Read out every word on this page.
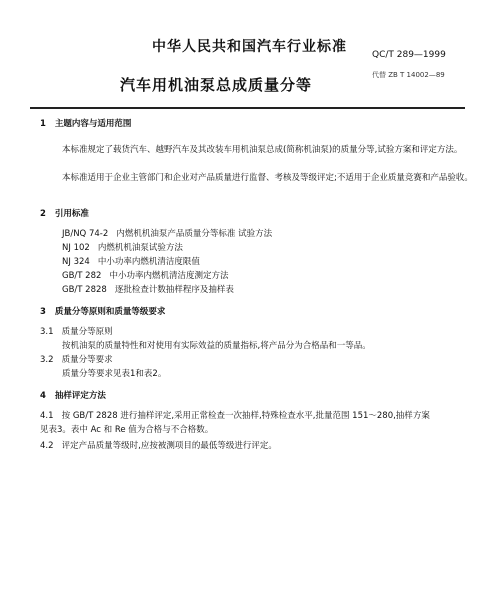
中华人民共和国汽车行业标准	QC/T 289—1999
汽车用机油泵总成质量分等
代替 ZB T 14002—89
1 主题内容与适用范围
本标准规定了载货汽车、越野汽车及其改装车用机油泵总成(简称机油泵)的质量分等,试验方案和评定方法。
本标准适用于企业主管部门和企业对产品质量进行监督、考核及等级评定;不适用于企业质量竞赛和产品验收。
2 引用标准
JB/NQ 74-2 内燃机机油泵产品质量分等标准 试验方法
NJ 102 内燃机机油泵试验方法
NJ 324 中小功率内燃机清洁度限值
GB/T 282 中小功率内燃机清洁度测定方法
GB/T 2828 逐批检查计数抽样程序及抽样表
3 质量分等原则和质量等级要求
3.1 质量分等原则
按机油泵的质量特性和对使用有实际效益的质量指标,将产品分为合格品和一等品。
3.2 质量分等要求
质量分等要求见表1和表2。
4 抽样评定方法
4.1 按 GB/T 2828 进行抽样评定,采用正常检查一次抽样,特殊检查水平,批量范围 151～280,抽样方案
见表3。表中 Ac 和 Re 值为合格与不合格数。
4.2 评定产品质量等级时,应按被测项目的最低等级进行评定。
